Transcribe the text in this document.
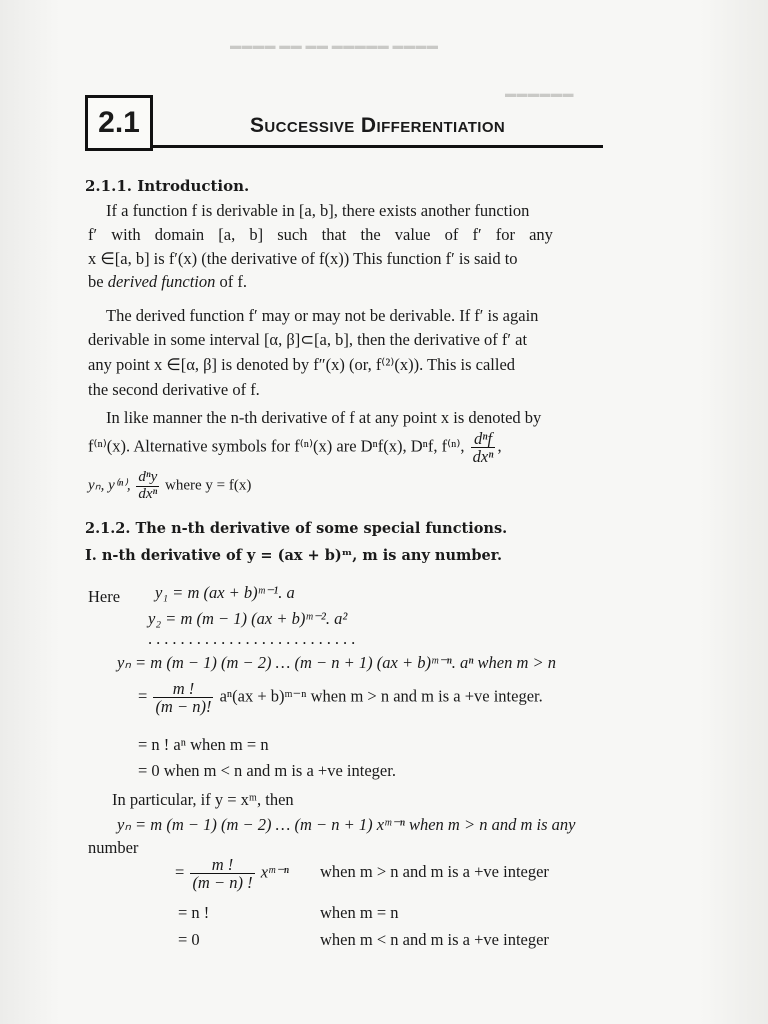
▬▬▬▬ ▬▬ ▬▬ ▬▬▬▬▬ ▬▬▬▬
▬▬▬▬▬▬
2.1	Successive Differentiation
2.1.1. Introduction.
If a function f is derivable in [a, b], there exists another function
f′ with domain [a, b] such that the value of f′ for any
x ∈[a, b] is f′(x) (the derivative of f(x)) This function f′ is said to
be derived function of f.
The derived function f′ may or may not be derivable. If f′ is again
derivable in some interval [α, β]⊂[a, b], then the derivative of f′ at
any point x ∈[α, β] is denoted by f″(x) (or, f⁽²⁾(x)). This is called
the second derivative of f.
In like manner the n-th derivative of f at any point x is denoted by
f⁽ⁿ⁾(x). Alternative symbols for f⁽ⁿ⁾(x) are Dⁿf(x), Dⁿf, f⁽ⁿ⁾, $\frac{\text{dⁿf}}{\text{dxⁿ}}$ ,
yₙ, y⁽ⁿ⁾, $\frac{\text{dⁿy}}{\text{dxⁿ}}$ where y = f(x)
2.1.2. The n-th derivative of some special functions.
I. n-th derivative of y = (ax + b)ᵐ, m is any number.
Here y₁ = m (ax + b)ᵐ⁻¹. a
y₂ = m (m − 1) (ax + b)ᵐ⁻². a²
..........................
yₙ = m (m − 1) (m − 2) … (m − n + 1) (ax + b)ᵐ⁻ⁿ. aⁿ when m > n
= $\frac{m !}{(m - n)!} a^n(ax$ + b)ᵐ⁻ⁿ when m > n and m is a +ve integer.
= n ! aⁿ when m = n
= 0 when m < n and m is a +ve integer.
In particular, if y = xᵐ, then
yₙ = m (m − 1) (m − 2) … (m − n + 1) xᵐ⁻ⁿ when m > n and m is any
number
= $\frac{m !}{(m - n) !}$ xᵐ⁻ⁿ when m > n and m is a +ve integer
= n !	when m = n
= 0	when m < n and m is a +ve integer
